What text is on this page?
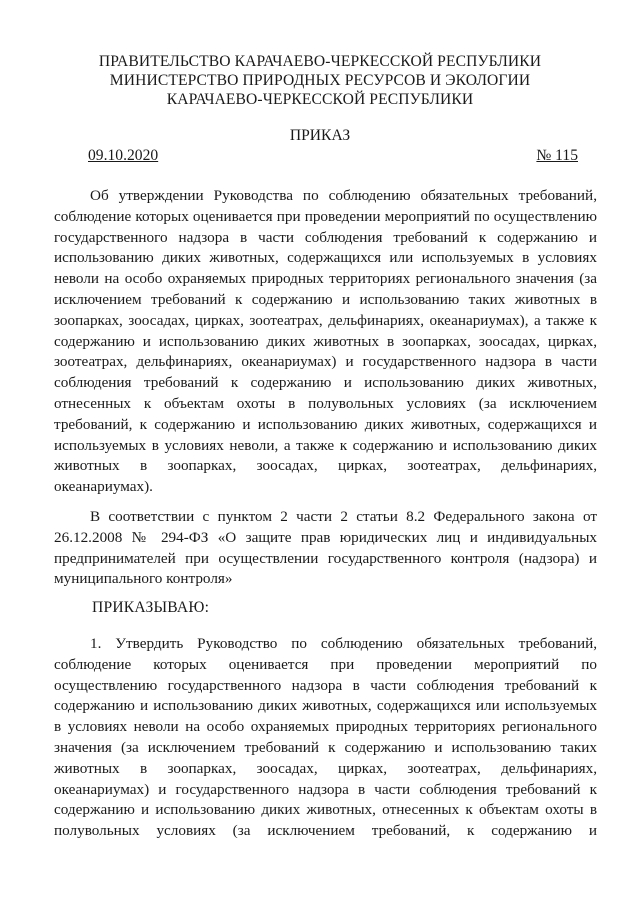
ПРАВИТЕЛЬСТВО КАРАЧАЕВО-ЧЕРКЕССКОЙ РЕСПУБЛИКИ
МИНИСТЕРСТВО ПРИРОДНЫХ РЕСУРСОВ И ЭКОЛОГИИ
КАРАЧАЕВО-ЧЕРКЕССКОЙ РЕСПУБЛИКИ
ПРИКАЗ
09.10.2020	№ 115
Об утверждении Руководства по соблюдению обязательных требований,
соблюдение которых оценивается при проведении мероприятий по осуществлению
государственного надзора в части соблюдения требований к содержанию и
использованию диких животных, содержащихся или используемых в условиях
неволи на особо охраняемых природных территориях регионального значения (за
исключением требований к содержанию и использованию таких животных в
зоопарках, зоосадах, цирках, зоотеатрах, дельфинариях, океанариумах), а также к
содержанию и использованию диких животных в зоопарках, зоосадах, цирках,
зоотеатрах, дельфинариях, океанариумах) и государственного надзора в части
соблюдения требований к содержанию и использованию диких животных,
отнесенных к объектам охоты в полувольных условиях (за исключением
требований, к содержанию и использованию диких животных, содержащихся и
используемых в условиях неволи, а также к содержанию и использованию диких
животных в зоопарках, зоосадах, цирках, зоотеатрах, дельфинариях,
океанариумах).
В соответствии с пунктом 2 части 2 статьи 8.2 Федерального закона от
26.12.2008 № 294-ФЗ «О защите прав юридических лиц и индивидуальных
предпринимателей при осуществлении государственного контроля (надзора) и
муниципального контроля»
ПРИКАЗЫВАЮ:
1. Утвердить Руководство по соблюдению обязательных требований,
соблюдение которых оценивается при проведении мероприятий по
осуществлению государственного надзора в части соблюдения требований к
содержанию и использованию диких животных, содержащихся или используемых
в условиях неволи на особо охраняемых природных территориях регионального
значения (за исключением требований к содержанию и использованию таких
животных в зоопарках, зоосадах, цирках, зоотеатрах, дельфинариях,
океанариумах) и государственного надзора в части соблюдения требований к
содержанию и использованию диких животных, отнесенных к объектам охоты в
полувольных условиях (за исключением требований, к содержанию и
